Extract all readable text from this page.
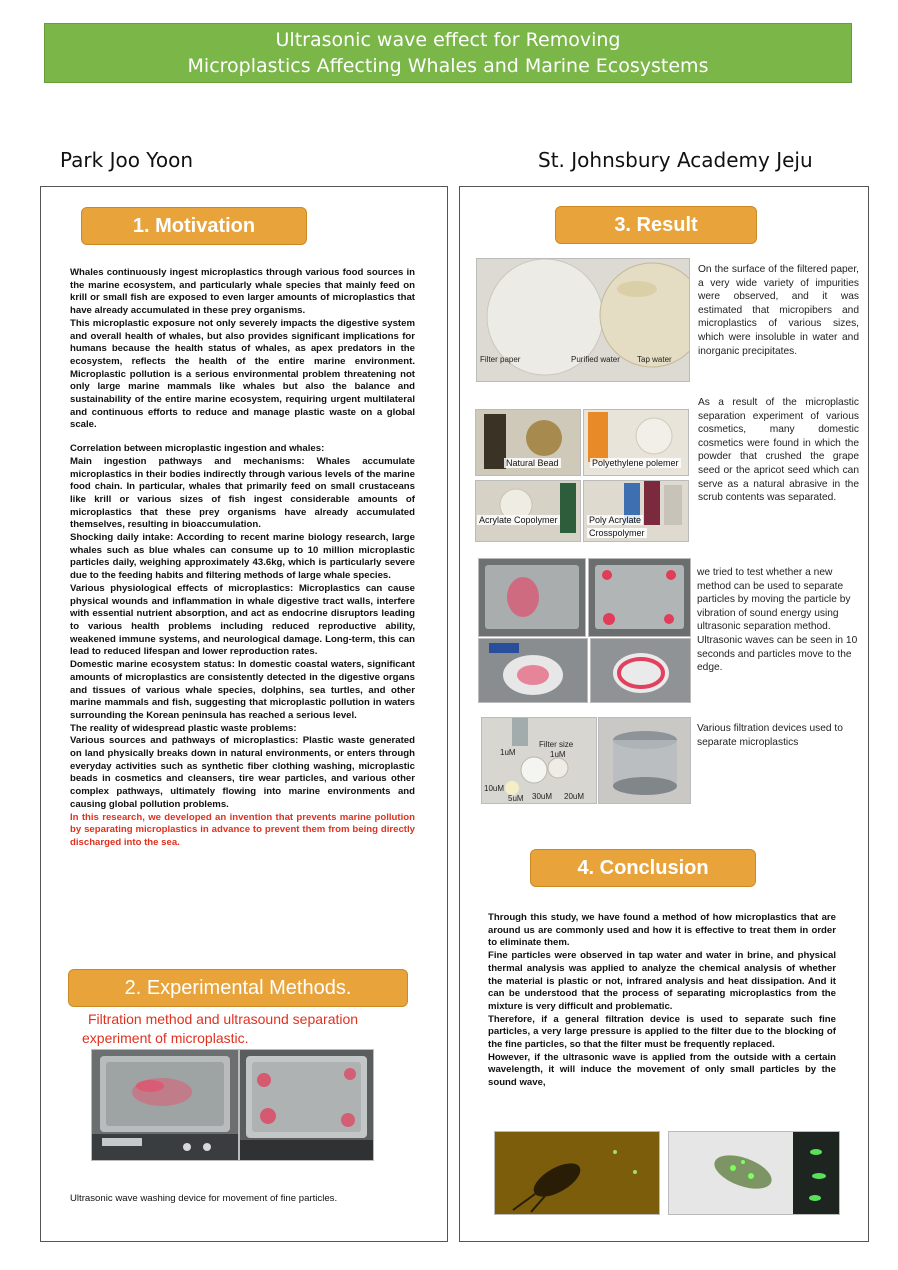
Ultrasonic wave effect for Removing
Microplastics Affecting Whales and Marine Ecosystems
Park Joo Yoon	St. Johnsbury Academy Jeju
1. Motivation

Whales continuously ingest microplastics through various food sources in the marine ecosystem, and particularly whale species that mainly feed on krill or small fish are exposed to even larger amounts of microplastics that have already accumulated in these prey organisms.

This microplastic exposure not only severely impacts the digestive system and overall health of whales, but also provides significant implications for humans because the health status of whales, as apex predators in the ecosystem, reflects the health of the entire marine environment. Microplastic pollution is a serious environmental problem threatening not only large marine mammals like whales but also the balance and sustainability of the entire marine ecosystem, requiring urgent multilateral and continuous efforts to reduce and manage plastic waste on a global scale.

Correlation between microplastic ingestion and whales:

Main ingestion pathways and mechanisms: Whales accumulate microplastics in their bodies indirectly through various levels of the marine food chain. In particular, whales that primarily feed on small crustaceans like krill or various sizes of fish ingest considerable amounts of microplastics that these prey organisms have already accumulated themselves, resulting in bioaccumulation.

Shocking daily intake: According to recent marine biology research, large whales such as blue whales can consume up to 10 million microplastic particles daily, weighing approximately 43.6kg, which is particularly severe due to the feeding habits and filtering methods of large whale species.

Various physiological effects of microplastics: Microplastics can cause physical wounds and inflammation in whale digestive tract walls, interfere with essential nutrient absorption, and act as endocrine disruptors leading to various health problems including reduced reproductive ability, weakened immune systems, and neurological damage. Long-term, this can lead to reduced lifespan and lower reproduction rates.

Domestic marine ecosystem status: In domestic coastal waters, significant amounts of microplastics are consistently detected in the digestive organs and tissues of various whale species, dolphins, sea turtles, and other marine mammals and fish, suggesting that microplastic pollution in waters surrounding the Korean peninsula has reached a serious level.

The reality of widespread plastic waste problems:

Various sources and pathways of microplastics: Plastic waste generated on land physically breaks down in natural environments, or enters through everyday activities such as synthetic fiber clothing washing, microplastic beads in cosmetics and cleansers, tire wear particles, and various other complex pathways, ultimately flowing into marine environments and causing global pollution problems.

In this research, we developed an invention that prevents marine pollution by separating microplastics in advance to prevent them from being directly discharged into the sea.

2. Experimental Methods.
Filtration method and ultrasound separation experiment of microplastic.
Ultrasonic wave washing device for movement of fine particles.
3. Result
Filter paper	Purified water Tap water
On the surface of the filtered paper, a very wide variety of impurities were observed, and it was estimated that micropibers and microplastics of various sizes, which were insoluble in water and inorganic precipitates.
Natural Bead	Polyethylene polemer
Acrylate Copolymer	Poly Acrylate
Crosspolymer
As a result of the microplastic separation experiment of various cosmetics, many domestic cosmetics were found in which the powder that crushed the grape seed or the apricot seed which can serve as a natural abrasive in the scrub contents was separated.
we tried to test whether a new method can be used to separate particles by moving the particle by vibration of sound energy using ultrasonic separation method. Ultrasonic waves can be seen in 10 seconds and particles move to the edge.
Filter size
1uM	1uM
10uM
5uM 30uM 20uM
Various filtration devices used to separate microplastics
4. Conclusion

Through this study, we have found a method of how microplastics that are around us are commonly used and how it is effective to treat them in order to eliminate them.

Fine particles were observed in tap water and water in brine, and physical thermal analysis was applied to analyze the chemical analysis of whether the material is plastic or not, infrared analysis and heat dissipation. And it can be understood that the process of separating microplastics from the mixture is very difficult and problematic.

Therefore, if a general filtration device is used to separate such fine particles, a very large pressure is applied to the filter due to the blocking of the fine particles, so that the filter must be frequently replaced.

However, if the ultrasonic wave is applied from the outside with a certain wavelength, it will induce the movement of only small particles by the sound wave,
